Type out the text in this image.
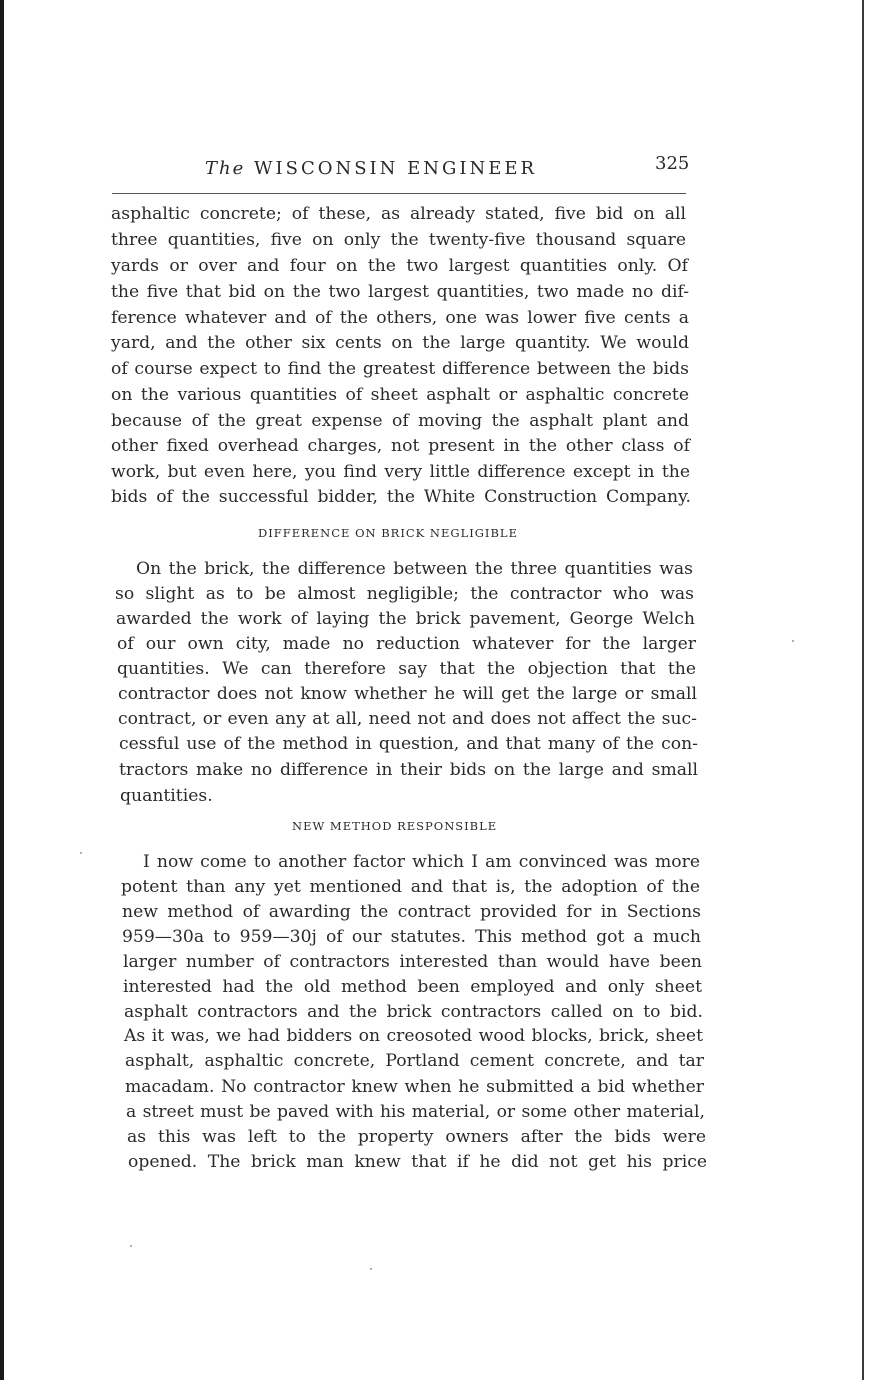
The WISCONSIN ENGINEER	325
asphaltic concrete; of these, as already stated, five bid on all
three quantities, five on only the twenty-five thousand square
yards or over and four on the two largest quantities only. Of
the five that bid on the two largest quantities, two made no dif-
ference whatever and of the others, one was lower five cents a
yard, and the other six cents on the large quantity. We would
of course expect to find the greatest difference between the bids
on the various quantities of sheet asphalt or asphaltic concrete
because of the great expense of moving the asphalt plant and
other fixed overhead charges, not present in the other class of
work, but even here, you find very little difference except in the
bids of the successful bidder, the White Construction Company.
DIFFERENCE ON BRICK NEGLIGIBLE
On the brick, the difference between the three quantities was
so slight as to be almost negligible; the contractor who was
awarded the work of laying the brick pavement, George Welch
of our own city, made no reduction whatever for the larger
quantities. We can therefore say that the objection that the
contractor does not know whether he will get the large or small
contract, or even any at all, need not and does not affect the suc-
cessful use of the method in question, and that many of the con-
tractors make no difference in their bids on the large and small
quantities.
NEW METHOD RESPONSIBLE
I now come to another factor which I am convinced was more
potent than any yet mentioned and that is, the adoption of the
new method of awarding the contract provided for in Sections
959—30a to 959—30j of our statutes. This method got a much
larger number of contractors interested than would have been
interested had the old method been employed and only sheet
asphalt contractors and the brick contractors called on to bid.
As it was, we had bidders on creosoted wood blocks, brick, sheet
asphalt, asphaltic concrete, Portland cement concrete, and tar
macadam. No contractor knew when he submitted a bid whether
a street must be paved with his material, or some other material,
as this was left to the property owners after the bids were
opened. The brick man knew that if he did not get his price
